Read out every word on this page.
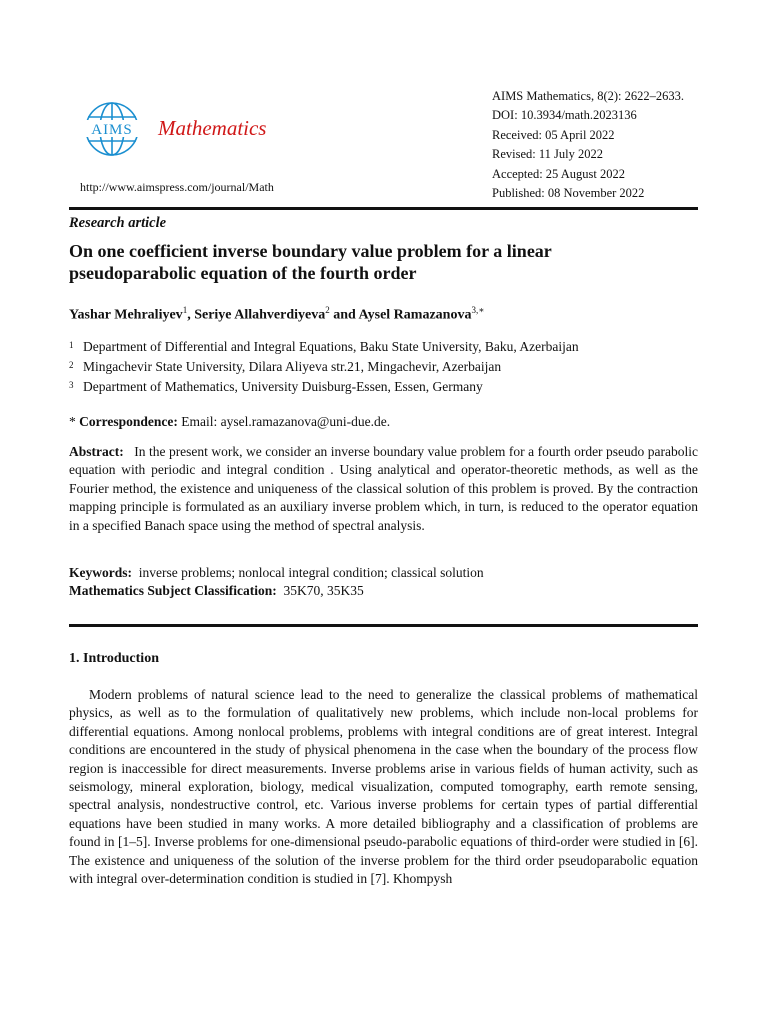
AIMS Mathematics
http://www.aimspress.com/journal/Math
AIMS Mathematics, 8(2): 2622–2633.
DOI: 10.3934/math.2023136
Received: 05 April 2022
Revised: 11 July 2022
Accepted: 25 August 2022
Published: 08 November 2022
Research article
On one coefficient inverse boundary value problem for a linear pseudoparabolic equation of the fourth order
Yashar Mehraliyev$^1$, Seriye Allahverdiyeva$^2$ and Aysel Ramazanova$^{3,∗}$
$^1$ Department of Differential and Integral Equations, Baku State University, Baku, Azerbaijan
$^2$ Mingachevir State University, Dilara Aliyeva str.21, Mingachevir, Azerbaijan
$^3$ Department of Mathematics, University Duisburg-Essen, Essen, Germany
* Correspondence: Email: aysel.ramazanova@uni-due.de.
Abstract: In the present work, we consider an inverse boundary value problem for a fourth order pseudo parabolic equation with periodic and integral condition . Using analytical and operator-theoretic methods, as well as the Fourier method, the existence and uniqueness of the classical solution of this problem is proved. By the contraction mapping principle is formulated as an auxiliary inverse problem which, in turn, is reduced to the operator equation in a specified Banach space using the method of spectral analysis.
Keywords: inverse problems; nonlocal integral condition; classical solution
Mathematics Subject Classification: 35K70, 35K35
1. Introduction
Modern problems of natural science lead to the need to generalize the classical problems of mathematical physics, as well as to the formulation of qualitatively new problems, which include non-local problems for differential equations. Among nonlocal problems, problems with integral conditions are of great interest. Integral conditions are encountered in the study of physical phenomena in the case when the boundary of the process flow region is inaccessible for direct measurements. Inverse problems arise in various fields of human activity, such as seismology, mineral exploration, biology, medical visualization, computed tomography, earth remote sensing, spectral analysis, nondestructive control, etc. Various inverse problems for certain types of partial differential equations have been studied in many works. A more detailed bibliography and a classification of problems are found in [1–5]. Inverse problems for one-dimensional pseudo-parabolic equations of third-order were studied in [6]. The existence and uniqueness of the solution of the inverse problem for the third order pseudoparabolic equation with integral over-determination condition is studied in [7]. Khompysh
